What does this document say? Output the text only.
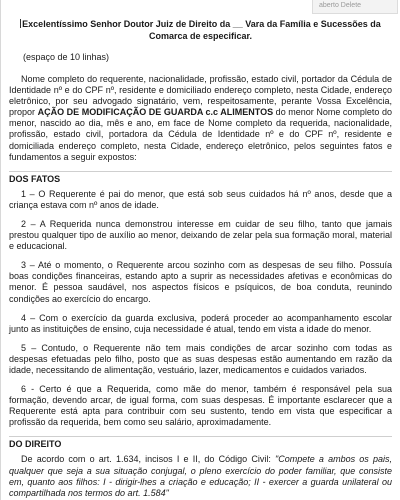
aberto Delete
Excelentíssimo Senhor Doutor Juiz de Direito da __ Vara da Família e Sucessões da Comarca de especificar.
(espaço de 10 linhas)

Nome completo do requerente, nacionalidade, profissão, estado civil, portador da Cédula de Identidade nº e do CPF nº, residente e domiciliado endereço completo, nesta Cidade, endereço eletrônico, por seu advogado signatário, vem, respeitosamente, perante Vossa Excelência, propor AÇÃO DE MODIFICAÇÃO DE GUARDA c.c ALIMENTOS do menor Nome completo do menor, nascido ao dia, mês e ano, em face de Nome completo da requerida, nacionalidade, profissão, estado civil, portadora da Cédula de Identidade nº e do CPF nº, residente e domiciliada endereço completo, nesta Cidade, endereço eletrônico, pelos seguintes fatos e fundamentos a seguir expostos:

DOS FATOS

1 – O Requerente é pai do menor, que está sob seus cuidados há nº anos, desde que a criança estava com nº anos de idade.

2 – A Requerida nunca demonstrou interesse em cuidar de seu filho, tanto que jamais prestou qualquer tipo de auxílio ao menor, deixando de zelar pela sua formação moral, material e educacional.

3 – Até o momento, o Requerente arcou sozinho com as despesas de seu filho. Possuía boas condições financeiras, estando apto a suprir as necessidades afetivas e econômicas do menor. É pessoa saudável, nos aspectos físicos e psíquicos, de boa conduta, reunindo condições ao exercício do encargo.

4 – Com o exercício da guarda exclusiva, poderá proceder ao acompanhamento escolar junto as instituições de ensino, cuja necessidade é atual, tendo em vista a idade do menor.

5 – Contudo, o Requerente não tem mais condições de arcar sozinho com todas as despesas efetuadas pelo filho, posto que as suas despesas estão aumentando em razão da idade, necessitando de alimentação, vestuário, lazer, medicamentos e cuidados variados.

6 - Certo é que a Requerida, como mãe do menor, também é responsável pela sua formação, devendo arcar, de igual forma, com suas despesas. É importante esclarecer que a Requerente está apta para contribuir com seu sustento, tendo em vista que especificar a profissão da requerida, bem como seu salário, aproximadamente.

DO DIREITO

De acordo com o art. 1.634, incisos I e II, do Código Civil: "Compete a ambos os pais, qualquer que seja a sua situação conjugal, o pleno exercício do poder familiar, que consiste em, quanto aos filhos: I - dirigir-lhes a criação e educação; II - exercer a guarda unilateral ou compartilhada nos termos do art. 1.584"
